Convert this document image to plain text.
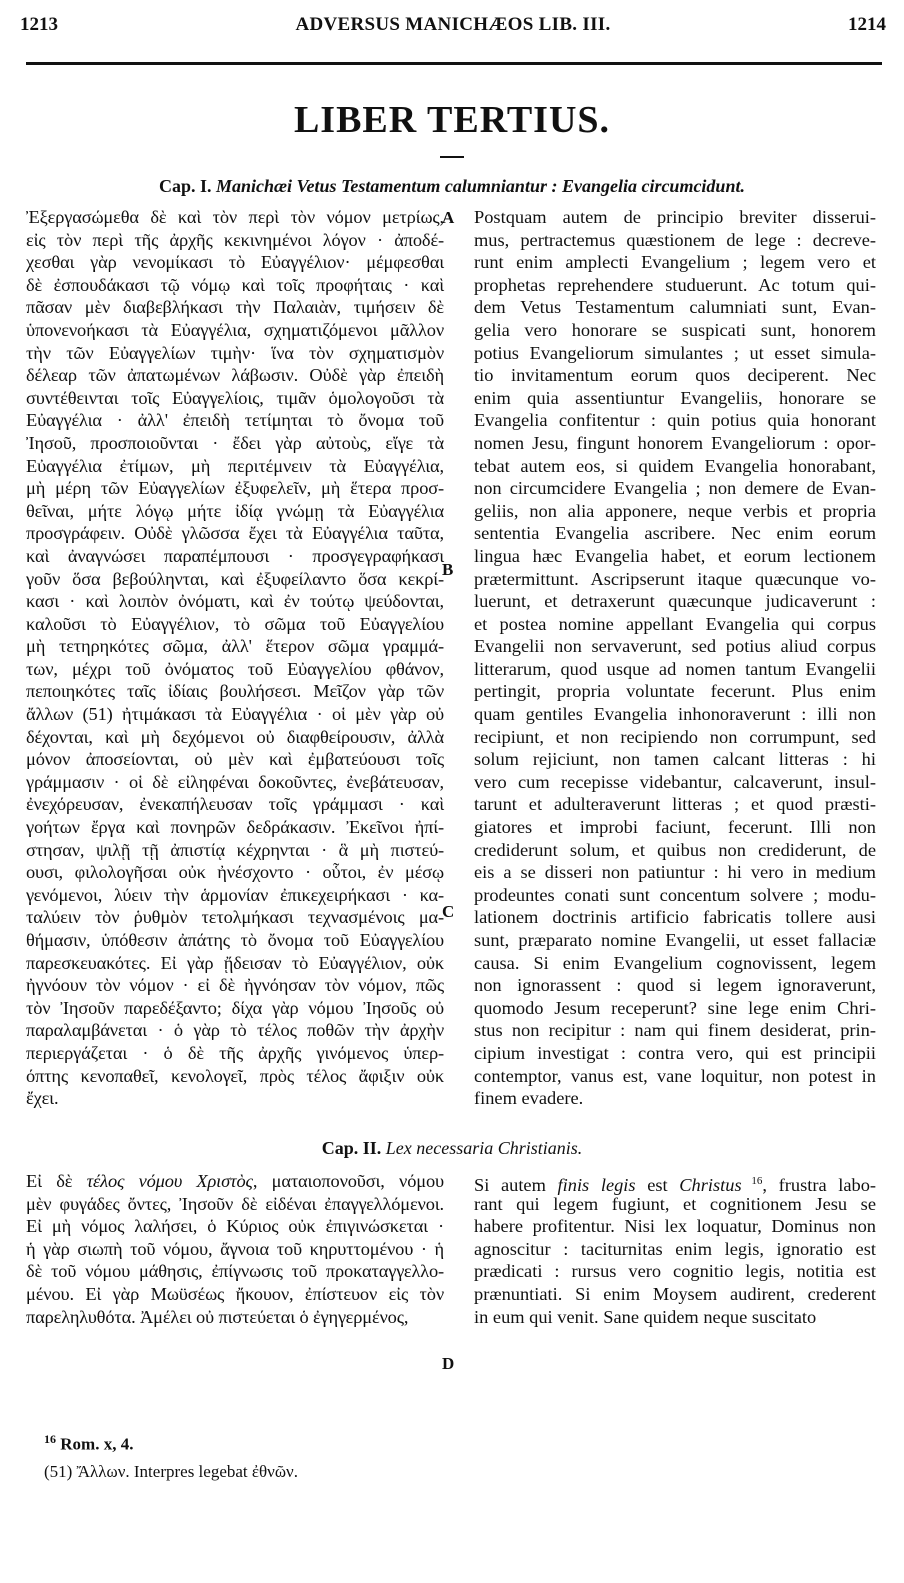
1213	ADVERSUS MANICHÆOS LIB. III.	1214
LIBER TERTIUS.
Cap. I. Manichæi Vetus Testamentum calumniantur : Evangelia circumcidunt.
Ἐξεργασώμεθα δὲ καὶ τὸν περὶ τὸν νόμον μετρίως,
εἰς τὸν περὶ τῆς ἀρχῆς κεκινημένοι λόγον · ἀποδέ-
χεσθαι γὰρ νενομίκασι τὸ Εὐαγγέλιον· μέμφεσθαι
δὲ ἐσπουδάκασι τῷ νόμῳ καὶ τοῖς προφήταις · καὶ
πᾶσαν μὲν διαβεβλήκασι τὴν Παλαιὰν, τιμήσειν δὲ
ὑπονενοήκασι τὰ Εὐαγγέλια, σχηματιζόμενοι μᾶλλον
τὴν τῶν Εὐαγγελίων τιμὴν· ἵνα τὸν σχηματισμὸν
δέλεαρ τῶν ἀπατωμένων λάβωσιν. Οὐδὲ γὰρ ἐπειδὴ
συντέθεινται τοῖς Εὐαγγελίοις, τιμᾶν ὁμολογοῦσι τὰ
Εὐαγγέλια · ἀλλ' ἐπειδὴ τετίμηται τὸ ὄνομα τοῦ
Ἰησοῦ, προσποιοῦνται · ἔδει γὰρ αὐτοὺς, εἴγε τὰ
Εὐαγγέλια ἐτίμων, μὴ περιτέμνειν τὰ Εὐαγγέλια,
μὴ μέρη τῶν Εὐαγγελίων ἐξυφελεῖν, μὴ ἕτερα προσ-
θεῖναι, μήτε λόγῳ μήτε ἰδίᾳ γνώμῃ τὰ Εὐαγγέλια
προσγράφειν. Οὐδὲ γλῶσσα ἔχει τὰ Εὐαγγέλια ταῦτα,
καὶ ἀναγνώσει παραπέμπουσι · προσγεγραφήκασι
γοῦν ὅσα βεβούληνται, καὶ ἐξυφείλαντο ὅσα κεκρί-
κασι · καὶ λοιπὸν ὀνόματι, καὶ ἐν τούτῳ ψεύδονται,
καλοῦσι τὸ Εὐαγγέλιον, τὸ σῶμα τοῦ Εὐαγγελίου
μὴ τετηρηκότες σῶμα, ἀλλ' ἕτερον σῶμα γραμμά-
των, μέχρι τοῦ ὀνόματος τοῦ Εὐαγγελίου φθάνον,
πεποιηκότες ταῖς ἰδίαις βουλήσεσι. Μεῖζον γὰρ τῶν
ἄλλων (51) ἠτιμάκασι τὰ Εὐαγγέλια · οἱ μὲν γὰρ οὐ
δέχονται, καὶ μὴ δεχόμενοι οὐ διαφθείρουσιν, ἀλλὰ
μόνον ἀποσείονται, οὐ μὲν καὶ ἐμβατεύουσι τοῖς
γράμμασιν · οἱ δὲ εἰληφέναι δοκοῦντες, ἐνεβάτευσαν,
ἐνεχόρευσαν, ἐνεκαπήλευσαν τοῖς γράμμασι · καὶ
γοήτων ἔργα καὶ πονηρῶν δεδράκασιν. Ἐκεῖνοι ἠπί-
στησαν, ψιλῇ τῇ ἀπιστίᾳ κέχρηνται · ἃ μὴ πιστεύ-
ουσι, φιλολογῆσαι οὐκ ἠνέσχοντο · οὗτοι, ἐν μέσῳ
γενόμενοι, λύειν τὴν ἁρμονίαν ἐπικεχειρήκασι · κα-
ταλύειν τὸν ῥυθμὸν τετολμήκασι τεχνασμένοις μα-
θήμασιν, ὑπόθεσιν ἀπάτης τὸ ὄνομα τοῦ Εὐαγγελίου
παρεσκευακότες. Εἰ γὰρ ᾔδεισαν τὸ Εὐαγγέλιον, οὐκ
ἠγνόουν τὸν νόμον · εἰ δὲ ἠγνόησαν τὸν νόμον, πῶς
τὸν Ἰησοῦν παρεδέξαντο; δίχα γὰρ νόμου Ἰησοῦς οὐ
παραλαμβάνεται · ὁ γὰρ τὸ τέλος ποθῶν τὴν ἀρχὴν
περιεργάζεται · ὁ δὲ τῆς ἀρχῆς γινόμενος ὑπερ-
όπτης κενοπαθεῖ, κενολογεῖ, πρὸς τέλος ἄφιξιν οὐκ
ἔχει.
Postquam autem de principio breviter disserui-
mus, pertractemus quæstionem de lege : decreve-
runt enim amplecti Evangelium ; legem vero et
prophetas reprehendere studuerunt. Ac totum qui-
dem Vetus Testamentum calumniati sunt, Evan-
gelia vero honorare se suspicati sunt, honorem
potius Evangeliorum simulantes ; ut esset simula-
tio invitamentum eorum quos deciperent. Nec
enim quia assentiuntur Evangeliis, honorare se
Evangelia confitentur : quin potius quia honorant
nomen Jesu, fingunt honorem Evangeliorum : opor-
tebat autem eos, si quidem Evangelia honorabant,
non circumcidere Evangelia ; non demere de Evan-
geliis, non alia apponere, neque verbis et propria
sententia Evangelia ascribere. Nec enim eorum
lingua hæc Evangelia habet, et eorum lectionem
prætermittunt. Ascripserunt itaque quæcunque vo-
luerunt, et detraxerunt quæcunque judicaverunt :
et postea nomine appellant Evangelia qui corpus
Evangelii non servaverunt, sed potius aliud corpus
litterarum, quod usque ad nomen tantum Evangelii
pertingit, propria voluntate fecerunt. Plus enim
quam gentiles Evangelia inhonoraverunt : illi non
recipiunt, et non recipiendo non corrumpunt, sed
solum rejiciunt, non tamen calcant litteras : hi
vero cum recepisse videbantur, calcaverunt, insul-
tarunt et adulteraverunt litteras ; et quod præsti-
giatores et improbi faciunt, fecerunt. Illi non
crediderunt solum, et quibus non crediderunt, de
eis a se disseri non patiuntur : hi vero in medium
prodeuntes conati sunt concentum solvere ; modu-
lationem doctrinis artificio fabricatis tollere ausi
sunt, præparato nomine Evangelii, ut esset fallaciæ
causa. Si enim Evangelium cognovissent, legem
non ignorassent : quod si legem ignoraverunt,
quomodo Jesum receperunt? sine lege enim Chri-
stus non recipitur : nam qui finem desiderat, prin-
cipium investigat : contra vero, qui est principii
contemptor, vanus est, vane loquitur, non potest in
finem evadere.
A
B
C
D
Cap. II. Lex necessaria Christianis.
Εἰ δὲ τέλος νόμου Χριστὸς, ματαιοπονοῦσι, νόμου
μὲν φυγάδες ὄντες, Ἰησοῦν δὲ εἰδέναι ἐπαγγελλόμενοι.
Εἰ μὴ νόμος λαλήσει, ὁ Κύριος οὐκ ἐπιγινώσκεται ·
ἡ γὰρ σιωπὴ τοῦ νόμου, ἄγνοια τοῦ κηρυττομένου · ἡ
δὲ τοῦ νόμου μάθησις, ἐπίγνωσις τοῦ προκαταγγελλο-
μένου. Εἰ γὰρ Μωϋσέως ἤκουον, ἐπίστευον εἰς τὸν
παρεληλυθότα. Ἀμέλει οὐ πιστεύεται ὁ ἐγηγερμένος,
Si autem finis legis est Christus $^{16}$, frustra labo-
rant qui legem fugiunt, et cognitionem Jesu se
habere profitentur. Nisi lex loquatur, Dominus non
agnoscitur : taciturnitas enim legis, ignoratio est
prædicati : rursus vero cognitio legis, notitia est
prænuntiati. Si enim Moysem audirent, crederent
in eum qui venit. Sane quidem neque suscitato
$^{16}$ Rom. x, 4.
(51) Ἄλλων. Interpres legebat ἐθνῶν.
